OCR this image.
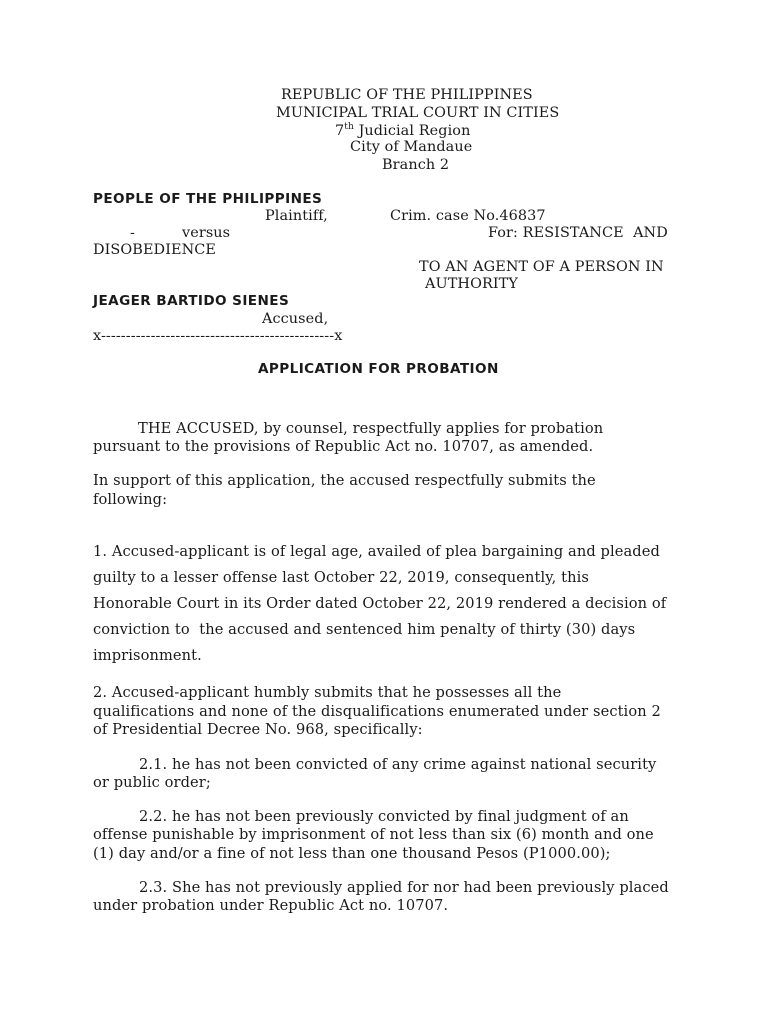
REPUBLIC OF THE PHILIPPINES
MUNICIPAL TRIAL COURT IN CITIES
7th Judicial Region
City of Mandaue
Branch 2
PEOPLE OF THE PHILIPPINES
Plaintiff,	Crim. case No.46837
-	versus	For: RESISTANCE  AND
DISOBEDIENCE
TO AN AGENT OF A PERSON IN
AUTHORITY
JEAGER BARTIDO SIENES
Accused,
x-----------------------------------------------x
APPLICATION FOR PROBATION
THE ACCUSED, by counsel, respectfully applies for probation
pursuant to the provisions of Republic Act no. 10707, as amended.
In support of this application, the accused respectfully submits the
following:
1. Accused-applicant is of legal age, availed of plea bargaining and pleaded
guilty to a lesser offense last October 22, 2019, consequently, this
Honorable Court in its Order dated October 22, 2019 rendered a decision of
conviction to  the accused and sentenced him penalty of thirty (30) days
imprisonment.
2. Accused-applicant humbly submits that he possesses all the
qualifications and none of the disqualifications enumerated under section 2
of Presidential Decree No. 968, specifically:
2.1. he has not been convicted of any crime against national security
or public order;
2.2. he has not been previously convicted by final judgment of an
offense punishable by imprisonment of not less than six (6) month and one
(1) day and/or a fine of not less than one thousand Pesos (P1000.00);
2.3. She has not previously applied for nor had been previously placed
under probation under Republic Act no. 10707.
